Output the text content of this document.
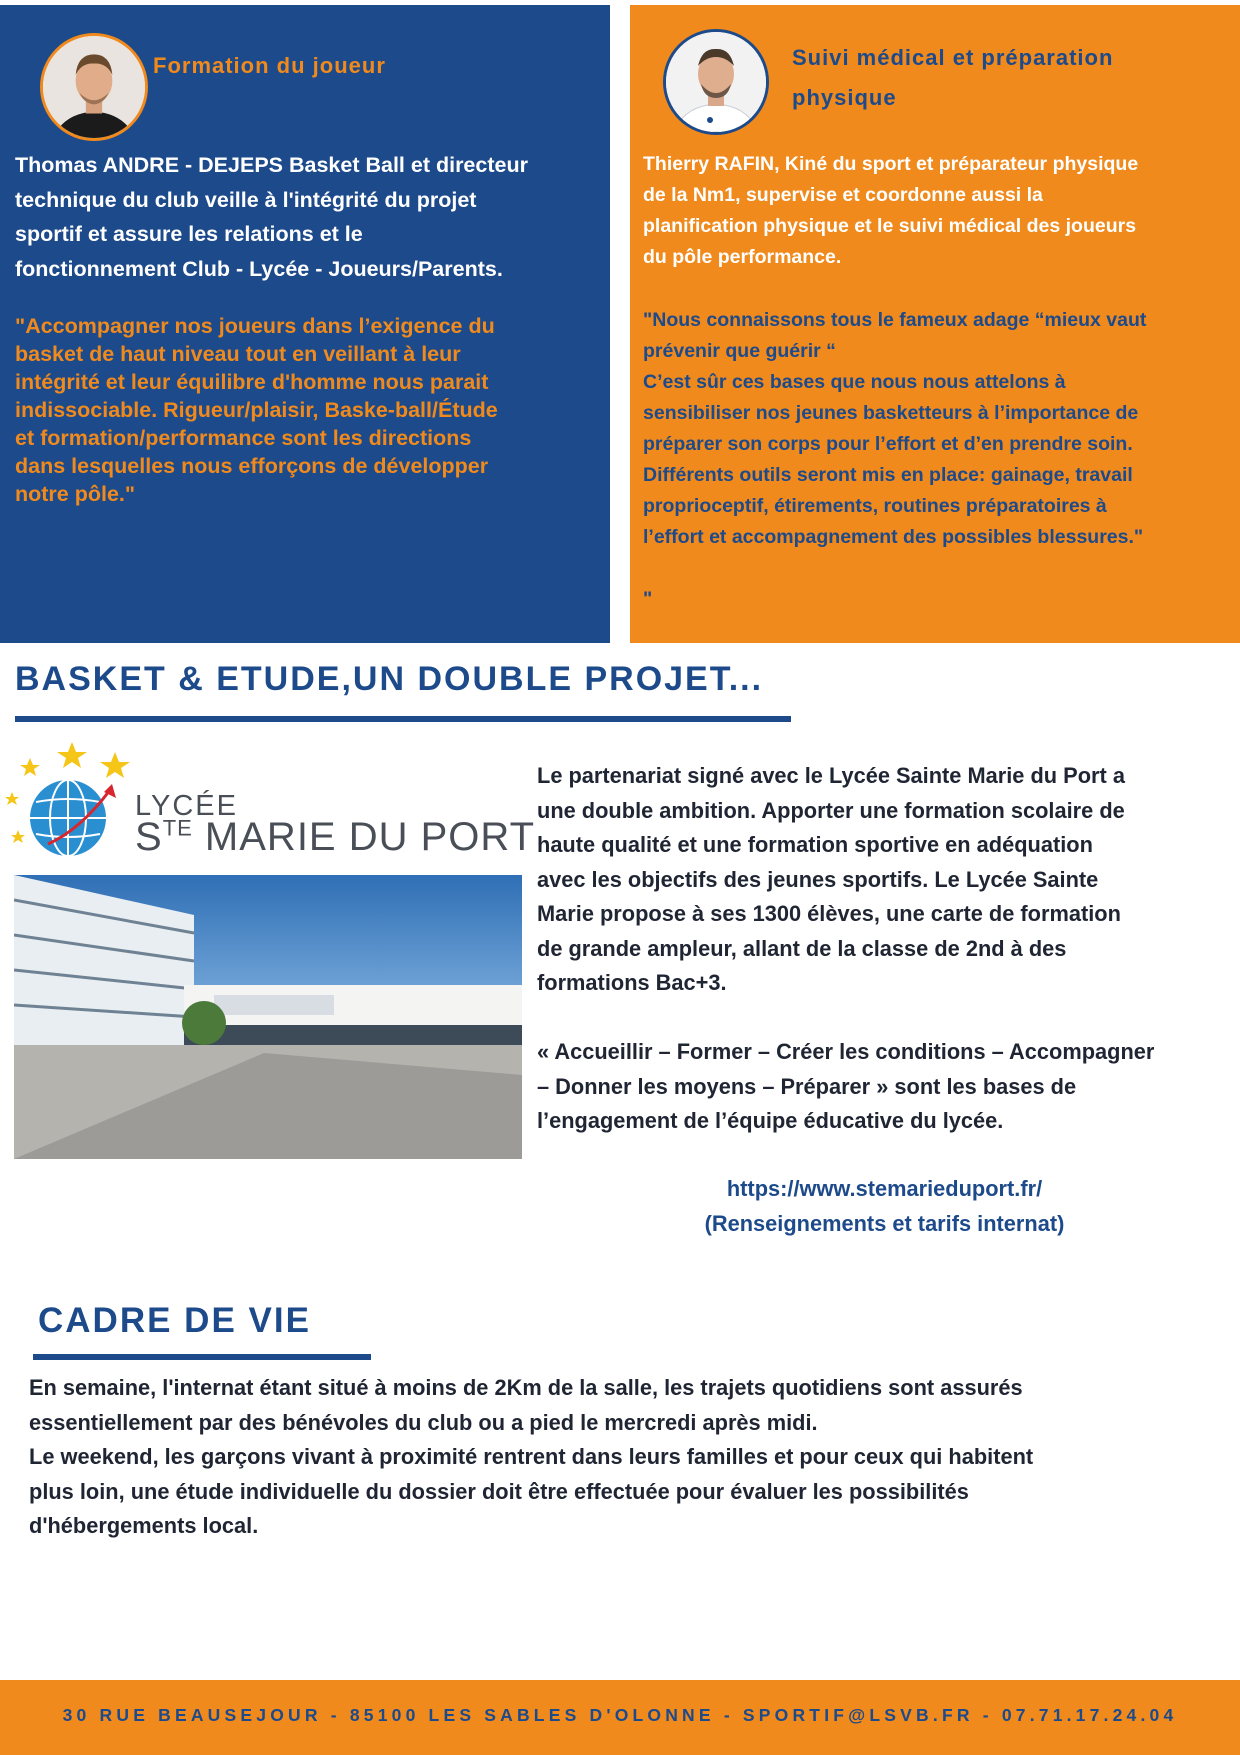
Formation du joueur
Thomas ANDRE - DEJEPS Basket Ball et directeur
technique du club veille à l'intégrité du projet
sportif et assure les relations et le
fonctionnement Club - Lycée - Joueurs/Parents.
"Accompagner nos joueurs dans l’exigence du
basket de haut niveau tout en veillant à leur
intégrité et leur équilibre d'homme nous parait
indissociable. Rigueur/plaisir, Baske-ball/Étude
et formation/performance sont les directions
dans lesquelles nous efforçons de développer
notre pôle."
Suivi médical et préparation physique
Thierry RAFIN, Kiné du sport et préparateur physique
de la Nm1, supervise et coordonne aussi la
planification physique et le suivi médical des joueurs
du pôle performance.
"Nous connaissons tous le fameux adage “mieux vaut
prévenir que guérir “
C’est sûr ces bases que nous nous attelons à
sensibiliser nos jeunes basketteurs à l’importance de
préparer son corps pour l’effort et d’en prendre soin.
Différents outils seront mis en place: gainage, travail
proprioceptif, étirements, routines préparatoires à
l’effort et accompagnement des possibles blessures."
"
BASKET & ETUDE,UN DOUBLE PROJET...
LYCÉE
$S^{TE}$ MARIE DU PORT
Le partenariat signé avec le Lycée Sainte Marie du Port a
une double ambition. Apporter une formation scolaire de
haute qualité et une formation sportive en adéquation
avec les objectifs des jeunes sportifs. Le Lycée Sainte
Marie propose à ses 1300 élèves, une carte de formation
de grande ampleur, allant de la classe de 2nd à des
formations Bac+3.

« Accueillir – Former – Créer les conditions – Accompagner
– Donner les moyens – Préparer » sont les bases de
l’engagement de l’équipe éducative du lycée.
https://www.stemarieduport.fr/
(Renseignements et tarifs internat)
CADRE DE VIE
En semaine, l'internat étant situé à moins de 2Km de la salle, les trajets quotidiens sont assurés
essentiellement par des bénévoles du club ou a pied le mercredi après midi.
Le weekend, les garçons vivant à proximité rentrent dans leurs familles et pour ceux qui habitent
plus loin, une étude individuelle du dossier doit être effectuée pour évaluer les possibilités
d'hébergements local.
30 RUE BEAUSEJOUR - 85100 LES SABLES D'OLONNE - SPORTIF@LSVB.FR - 07.71.17.24.04
